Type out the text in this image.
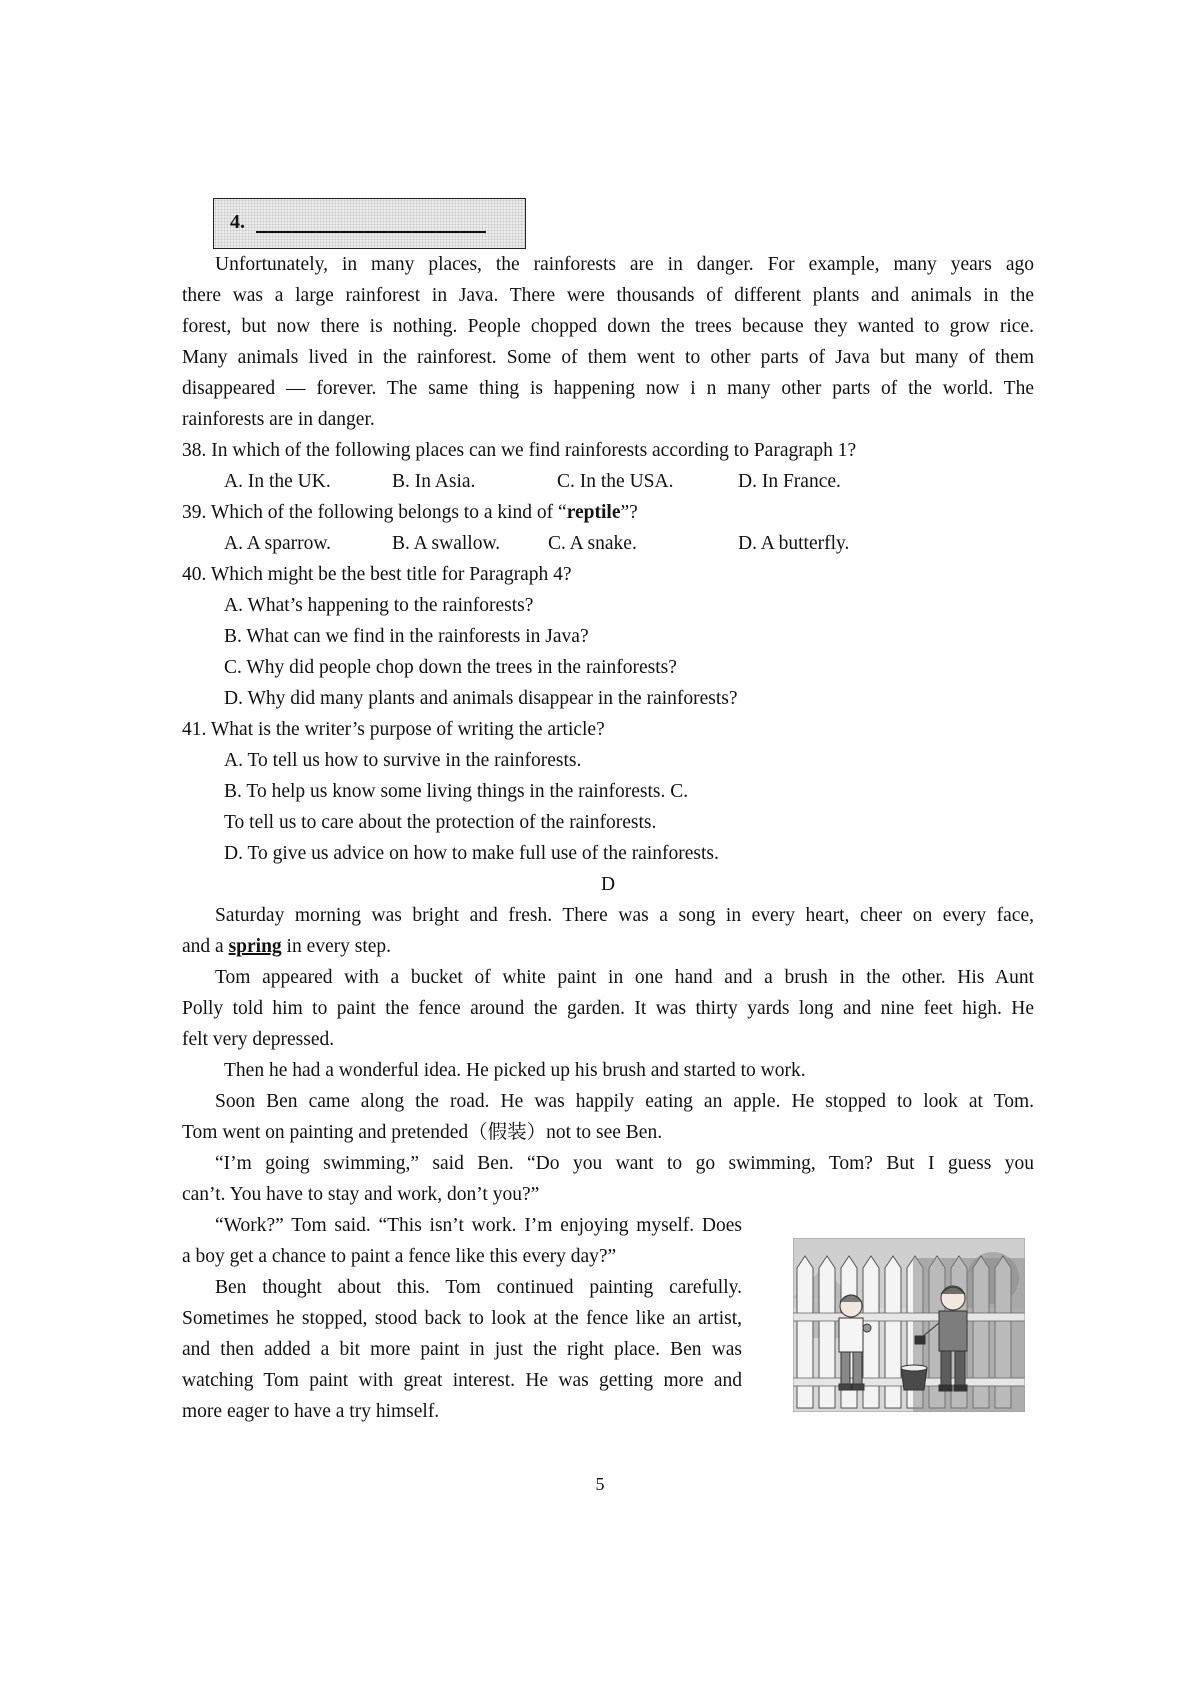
4.
Unfortunately, in many places, the rainforests are in danger. For example, many years ago
there was a large rainforest in Java. There were thousands of different plants and animals in the
forest, but now there is nothing. People chopped down the trees because they wanted to grow rice.
Many animals lived in the rainforest. Some of them went to other parts of Java but many of them
disappeared — forever. The same thing is happening now i n many other parts of the world. The
rainforests are in danger.
38. In which of the following places can we find rainforests according to Paragraph 1?
A. In the UK.	B. In Asia.	C. In the USA.	D. In France.
39. Which of the following belongs to a kind of “reptile”?
A. A sparrow.	B. A swallow. C. A snake.	D. A butterfly.
40. Which might be the best title for Paragraph 4?
A. What’s happening to the rainforests?
B. What can we find in the rainforests in Java?
C. Why did people chop down the trees in the rainforests?
D. Why did many plants and animals disappear in the rainforests?
41. What is the writer’s purpose of writing the article?
A. To tell us how to survive in the rainforests.
B. To help us know some living things in the rainforests. C.
To tell us to care about the protection of the rainforests.
D. To give us advice on how to make full use of the rainforests.
D
Saturday morning was bright and fresh. There was a song in every heart, cheer on every face,
and a spring in every step.
Tom appeared with a bucket of white paint in one hand and a brush in the other. His Aunt
Polly told him to paint the fence around the garden. It was thirty yards long and nine feet high. He
felt very depressed.
Then he had a wonderful idea. He picked up his brush and started to work.
Soon Ben came along the road. He was happily eating an apple. He stopped to look at Tom.
Tom went on painting and pretended（假装）not to see Ben.
“I’m going swimming,” said Ben. “Do you want to go swimming, Tom? But I guess you
can’t. You have to stay and work, don’t you?”
“Work?” Tom said. “This isn’t work. I’m enjoying myself. Does
a boy get a chance to paint a fence like this every day?”
Ben thought about this. Tom continued painting carefully.
Sometimes he stopped, stood back to look at the fence like an artist,
and then added a bit more paint in just the right place. Ben was
watching Tom paint with great interest. He was getting more and
more eager to have a try himself.
5
